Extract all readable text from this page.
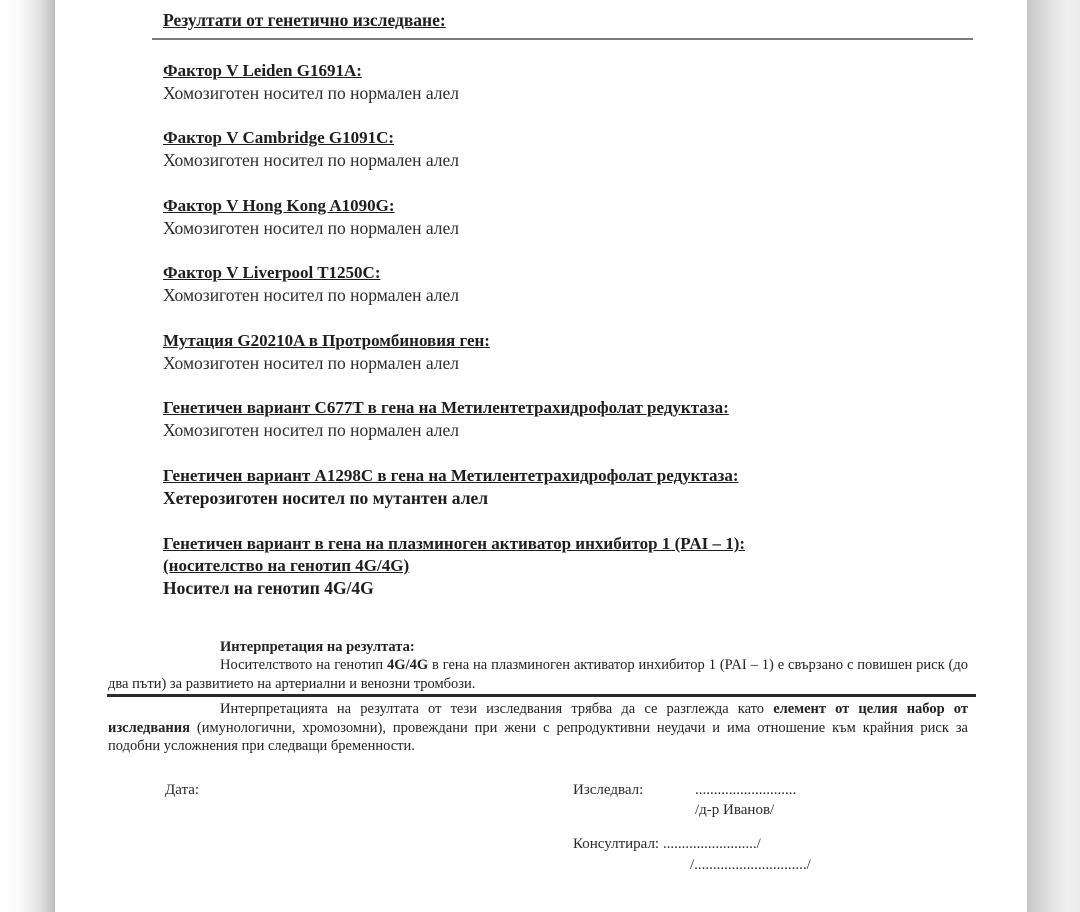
Резултати от генетично изследване:
Фактор V Leiden G1691A:
Хомозиготен носител по нормален алел
Фактор V Cambridge G1091C:
Хомозиготен носител по нормален алел
Фактор V Hong Kong A1090G:
Хомозиготен носител по нормален алел
Фактор V Liverpool T1250C:
Хомозиготен носител по нормален алел
Мутация G20210A в Протромбиновия ген:
Хомозиготен носител по нормален алел
Генетичен вариант C677T в гена на Метилентетрахидрофолат редуктаза:
Хомозиготен носител по нормален алел
Генетичен вариант A1298C в гена на Метилентетрахидрофолат редуктаза:
Хетерозиготен носител по мутантен алел
Генетичен вариант в гена на плазминоген активатор инхибитор 1 (PAI – 1):
(носителство на генотип 4G/4G)
Носител на генотип 4G/4G
Интерпретация на резултата:
Носителството на генотип 4G/4G в гена на плазминоген активатор инхибитор 1 (PAI – 1) е свързано с повишен риск (до два пъти) за развитието на артериални и венозни тромбози.
Интерпретацията на резултата от тези изследвания трябва да се разглежда като елемент от целия набор от изследвания (имунологични, хромозомни), провеждани при жени с репродуктивни неудачи и има отношение към крайния риск за подобни усложнения при следващи бременности.
Дата:	Изследвал:	...........................
/д-р Иванов/
Консултирал: .........................​/
/............................../
